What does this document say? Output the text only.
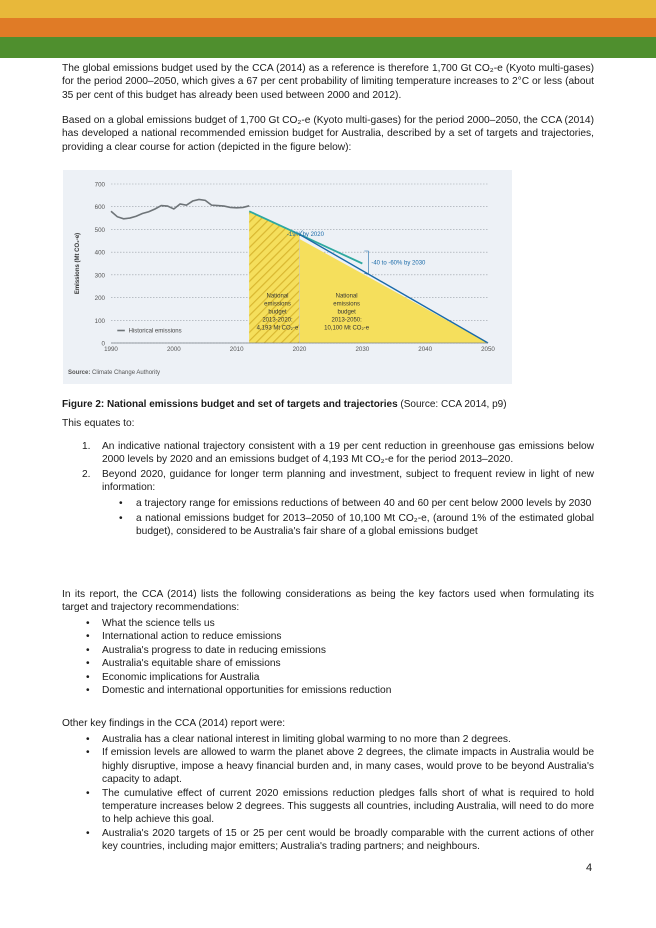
The global emissions budget used by the CCA (2014) as a reference is therefore 1,700 Gt CO₂-e (Kyoto multi-gases) for the period 2000–2050, which gives a 67 per cent probability of limiting temperature increases to 2°C or less (about 35 per cent of this budget has already been used between 2000 and 2012).
Based on a global emissions budget of 1,700 Gt CO₂-e (Kyoto multi-gases) for the period 2000–2050, the CCA (2014) has developed a national recommended emission budget for Australia, described by a set of targets and trajectories, providing a clear course for action (depicted in the figure below):
0
100
200
300
400
500
600
700
1990	2000	2010	2020	2030	2040	2050
Emissions (Mt CO₂-e)	-19% by 2020
-40 to -60% by 2030
National
emissions
budget
2013-2020:
4,193 Mt CO₂-e
National
emissions
budget
2013-2050:
10,100 Mt CO₂-e
Historical emissions
Source: Climate Change Authority
Figure 2: National emissions budget and set of targets and trajectories (Source: CCA 2014, p9)
This equates to:
1. An indicative national trajectory consistent with a 19 per cent reduction in greenhouse gas emissions below 2000 levels by 2020 and an emissions budget of 4,193 Mt CO₂-e for the period 2013–2020.
2. Beyond 2020, guidance for longer term planning and investment, subject to frequent review in light of new information:
• a trajectory range for emissions reductions of between 40 and 60 per cent below 2000 levels by 2030
• a national emissions budget for 2013–2050 of 10,100 Mt CO₂-e, (around 1% of the estimated global budget), considered to be Australia's fair share of a global emissions budget
In its report, the CCA (2014) lists the following considerations as being the key factors used when formulating its target and trajectory recommendations:
• What the science tells us
• International action to reduce emissions
• Australia's progress to date in reducing emissions
• Australia's equitable share of emissions
• Economic implications for Australia
• Domestic and international opportunities for emissions reduction
Other key findings in the CCA (2014) report were:
• Australia has a clear national interest in limiting global warming to no more than 2 degrees.
• If emission levels are allowed to warm the planet above 2 degrees, the climate impacts in Australia would be highly disruptive, impose a heavy financial burden and, in many cases, would prove to be beyond Australia's capacity to adapt.
• The cumulative effect of current 2020 emissions reduction pledges falls short of what is required to hold temperature increases below 2 degrees. This suggests all countries, including Australia, will need to do more to help achieve this goal.
• Australia's 2020 targets of 15 or 25 per cent would be broadly comparable with the current actions of other key countries, including major emitters; Australia's trading partners; and neighbours.
4
